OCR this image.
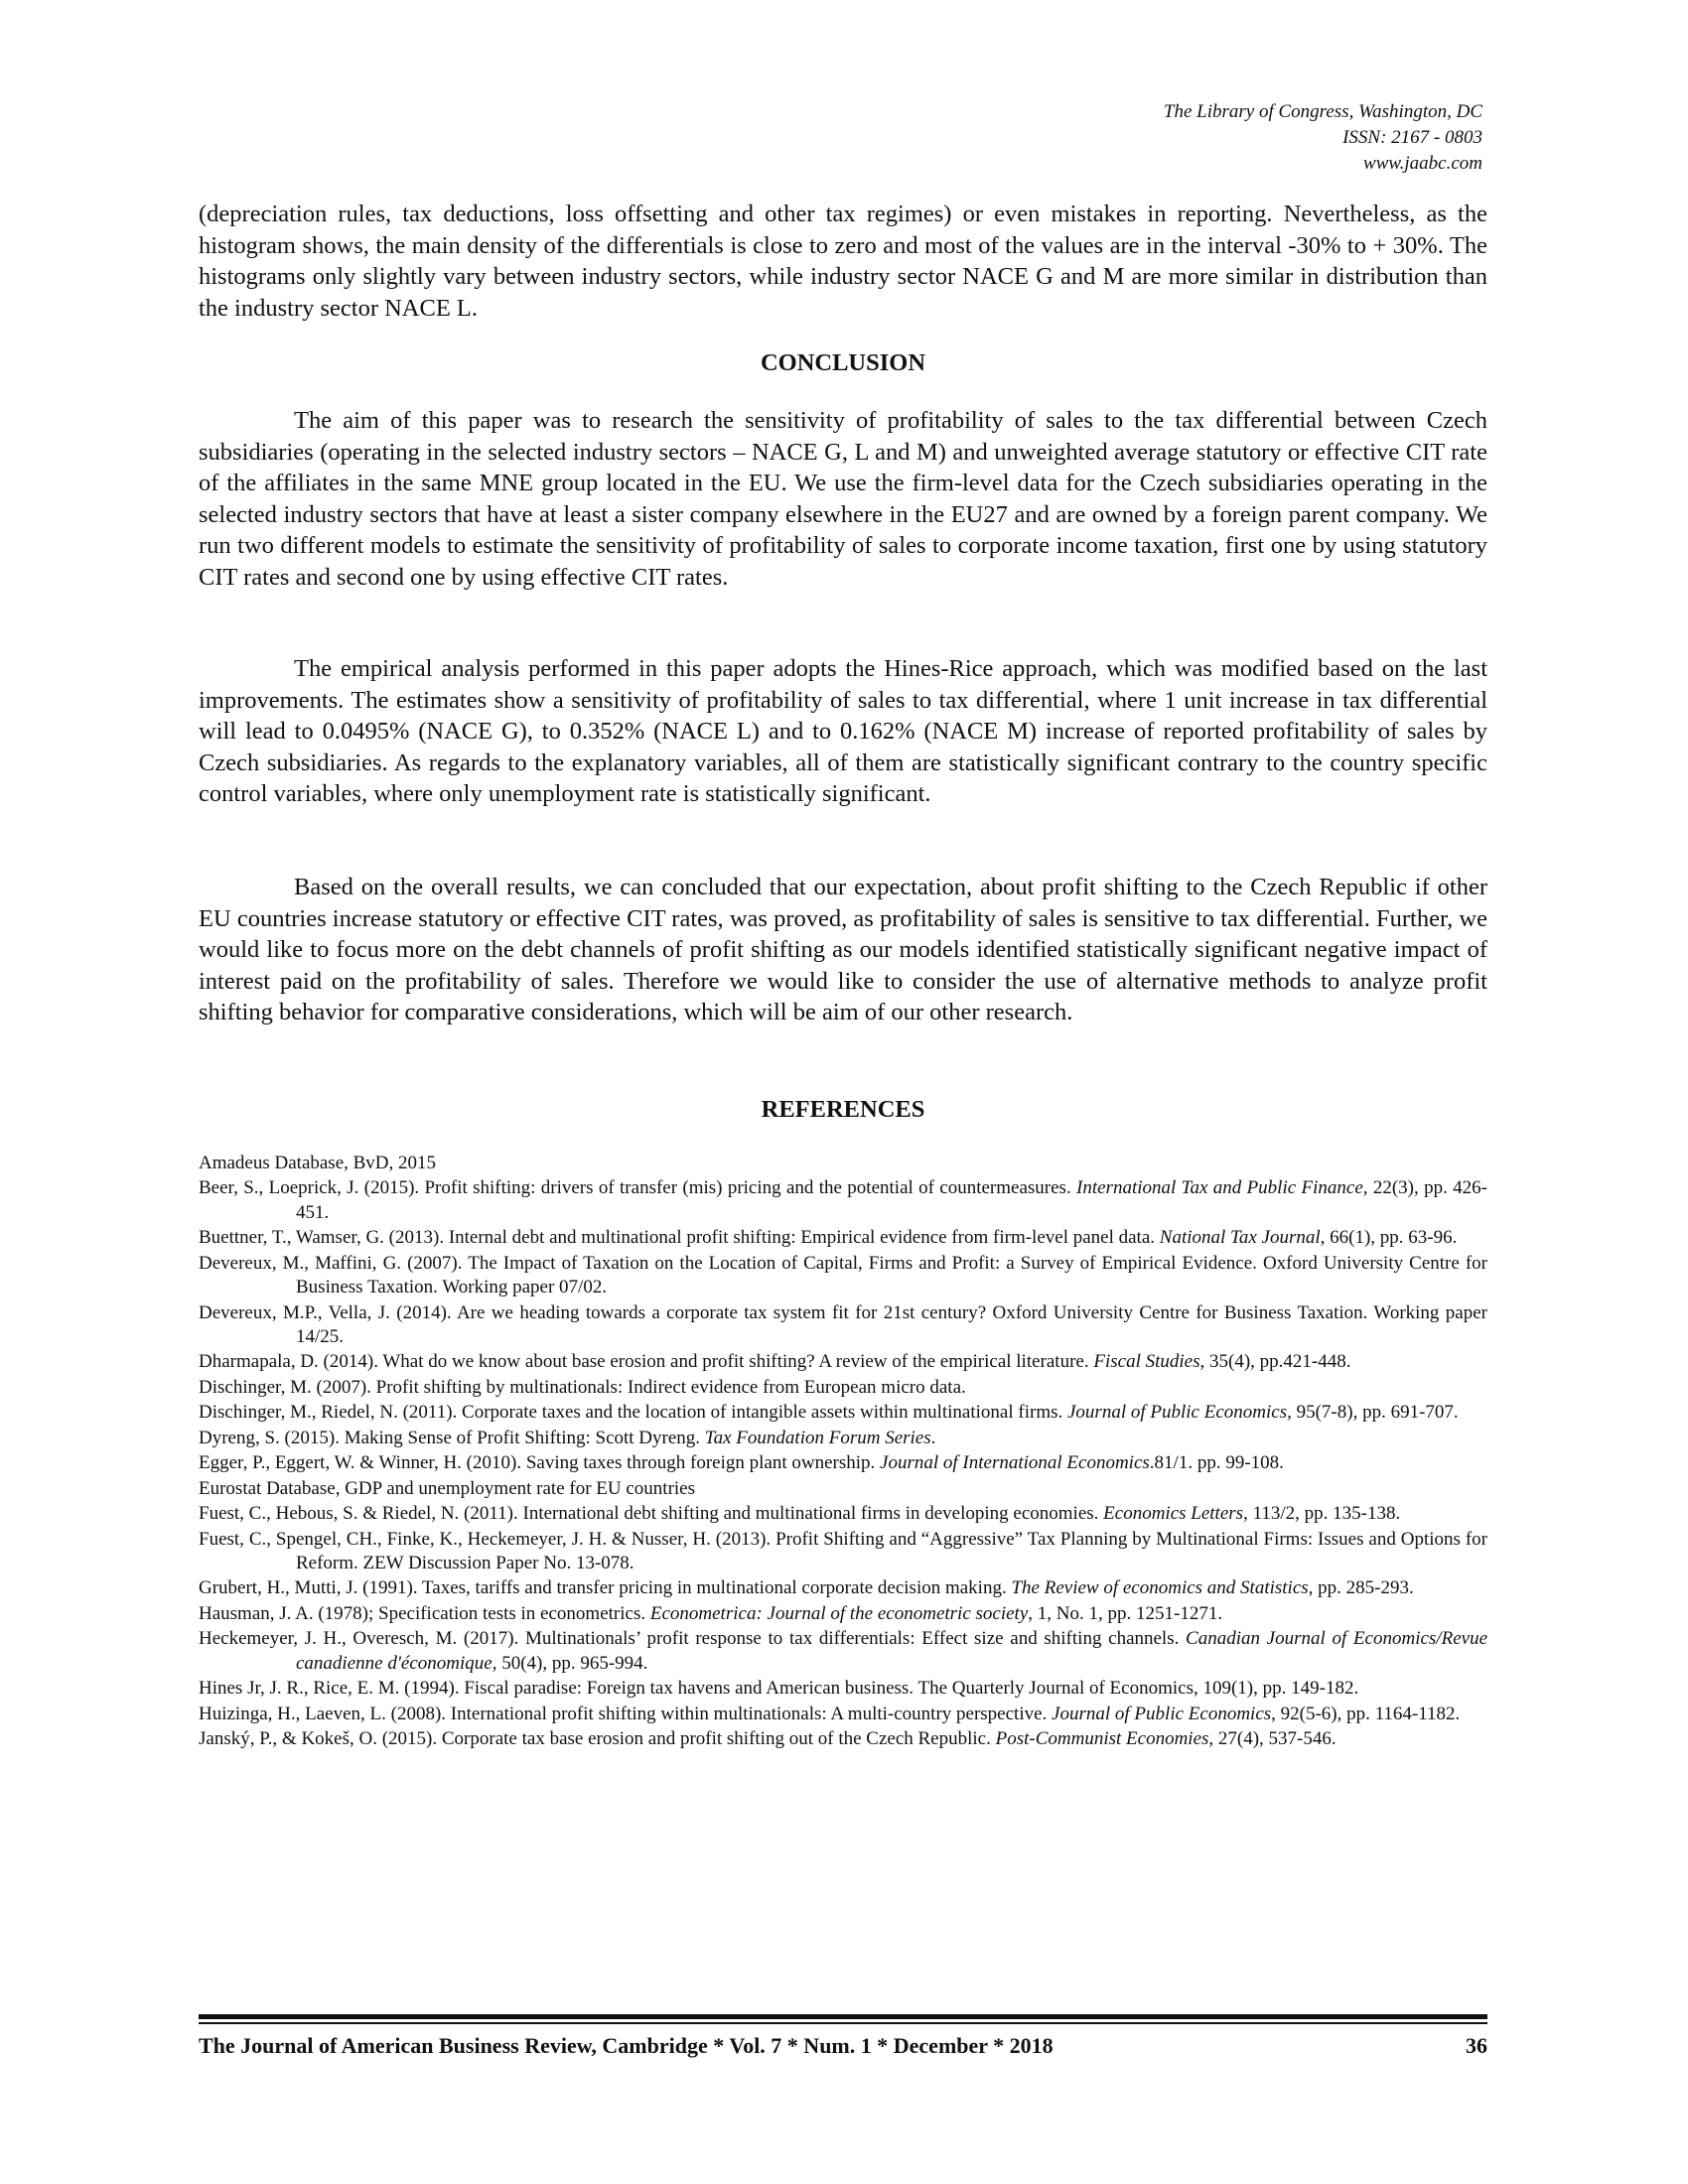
The Library of Congress, Washington, DC
ISSN: 2167 - 0803
www.jaabc.com
(depreciation rules, tax deductions, loss offsetting and other tax regimes) or even mistakes in reporting. Nevertheless, as the histogram shows, the main density of the differentials is close to zero and most of the values are in the interval -30% to + 30%. The histograms only slightly vary between industry sectors, while industry sector NACE G and M are more similar in distribution than the industry sector NACE L.
CONCLUSION
The aim of this paper was to research the sensitivity of profitability of sales to the tax differential between Czech subsidiaries (operating in the selected industry sectors – NACE G, L and M) and unweighted average statutory or effective CIT rate of the affiliates in the same MNE group located in the EU. We use the firm-level data for the Czech subsidiaries operating in the selected industry sectors that have at least a sister company elsewhere in the EU27 and are owned by a foreign parent company. We run two different models to estimate the sensitivity of profitability of sales to corporate income taxation, first one by using statutory CIT rates and second one by using effective CIT rates.
The empirical analysis performed in this paper adopts the Hines-Rice approach, which was modified based on the last improvements. The estimates show a sensitivity of profitability of sales to tax differential, where 1 unit increase in tax differential will lead to 0.0495% (NACE G), to 0.352% (NACE L) and to 0.162% (NACE M) increase of reported profitability of sales by Czech subsidiaries. As regards to the explanatory variables, all of them are statistically significant contrary to the country specific control variables, where only unemployment rate is statistically significant.
Based on the overall results, we can concluded that our expectation, about profit shifting to the Czech Republic if other EU countries increase statutory or effective CIT rates, was proved, as profitability of sales is sensitive to tax differential. Further, we would like to focus more on the debt channels of profit shifting as our models identified statistically significant negative impact of interest paid on the profitability of sales. Therefore we would like to consider the use of alternative methods to analyze profit shifting behavior for comparative considerations, which will be aim of our other research.
REFERENCES
Amadeus Database, BvD, 2015
Beer, S., Loeprick, J. (2015). Profit shifting: drivers of transfer (mis) pricing and the potential of countermeasures. International Tax and Public Finance, 22(3), pp. 426-451.
Buettner, T., Wamser, G. (2013). Internal debt and multinational profit shifting: Empirical evidence from firm-level panel data. National Tax Journal, 66(1), pp. 63-96.
Devereux, M., Maffini, G. (2007). The Impact of Taxation on the Location of Capital, Firms and Profit: a Survey of Empirical Evidence. Oxford University Centre for Business Taxation. Working paper 07/02.
Devereux, M.P., Vella, J. (2014). Are we heading towards a corporate tax system fit for 21st century? Oxford University Centre for Business Taxation. Working paper 14/25.
Dharmapala, D. (2014). What do we know about base erosion and profit shifting? A review of the empirical literature. Fiscal Studies, 35(4), pp.421-448.
Dischinger, M. (2007). Profit shifting by multinationals: Indirect evidence from European micro data.
Dischinger, M., Riedel, N. (2011). Corporate taxes and the location of intangible assets within multinational firms. Journal of Public Economics, 95(7-8), pp. 691-707.
Dyreng, S. (2015). Making Sense of Profit Shifting: Scott Dyreng. Tax Foundation Forum Series.
Egger, P., Eggert, W. & Winner, H. (2010). Saving taxes through foreign plant ownership. Journal of International Economics.81/1. pp. 99-108.
Eurostat Database, GDP and unemployment rate for EU countries
Fuest, C., Hebous, S. & Riedel, N. (2011). International debt shifting and multinational firms in developing economies. Economics Letters, 113/2, pp. 135-138.
Fuest, C., Spengel, CH., Finke, K., Heckemeyer, J. H. & Nusser, H. (2013). Profit Shifting and “Aggressive” Tax Planning by Multinational Firms: Issues and Options for Reform. ZEW Discussion Paper No. 13-078.
Grubert, H., Mutti, J. (1991). Taxes, tariffs and transfer pricing in multinational corporate decision making. The Review of economics and Statistics, pp. 285-293.
Hausman, J. A. (1978); Specification tests in econometrics. Econometrica: Journal of the econometric society, 1, No. 1, pp. 1251-1271.
Heckemeyer, J. H., Overesch, M. (2017). Multinationals’ profit response to tax differentials: Effect size and shifting channels. Canadian Journal of Economics/Revue canadienne d'économique, 50(4), pp. 965-994.
Hines Jr, J. R., Rice, E. M. (1994). Fiscal paradise: Foreign tax havens and American business. The Quarterly Journal of Economics, 109(1), pp. 149-182.
Huizinga, H., Laeven, L. (2008). International profit shifting within multinationals: A multi-country perspective. Journal of Public Economics, 92(5-6), pp. 1164-1182.
Janský, P., & Kokeš, O. (2015). Corporate tax base erosion and profit shifting out of the Czech Republic. Post-Communist Economies, 27(4), 537-546.
The Journal of American Business Review, Cambridge * Vol. 7 * Num. 1 * December * 2018	36
